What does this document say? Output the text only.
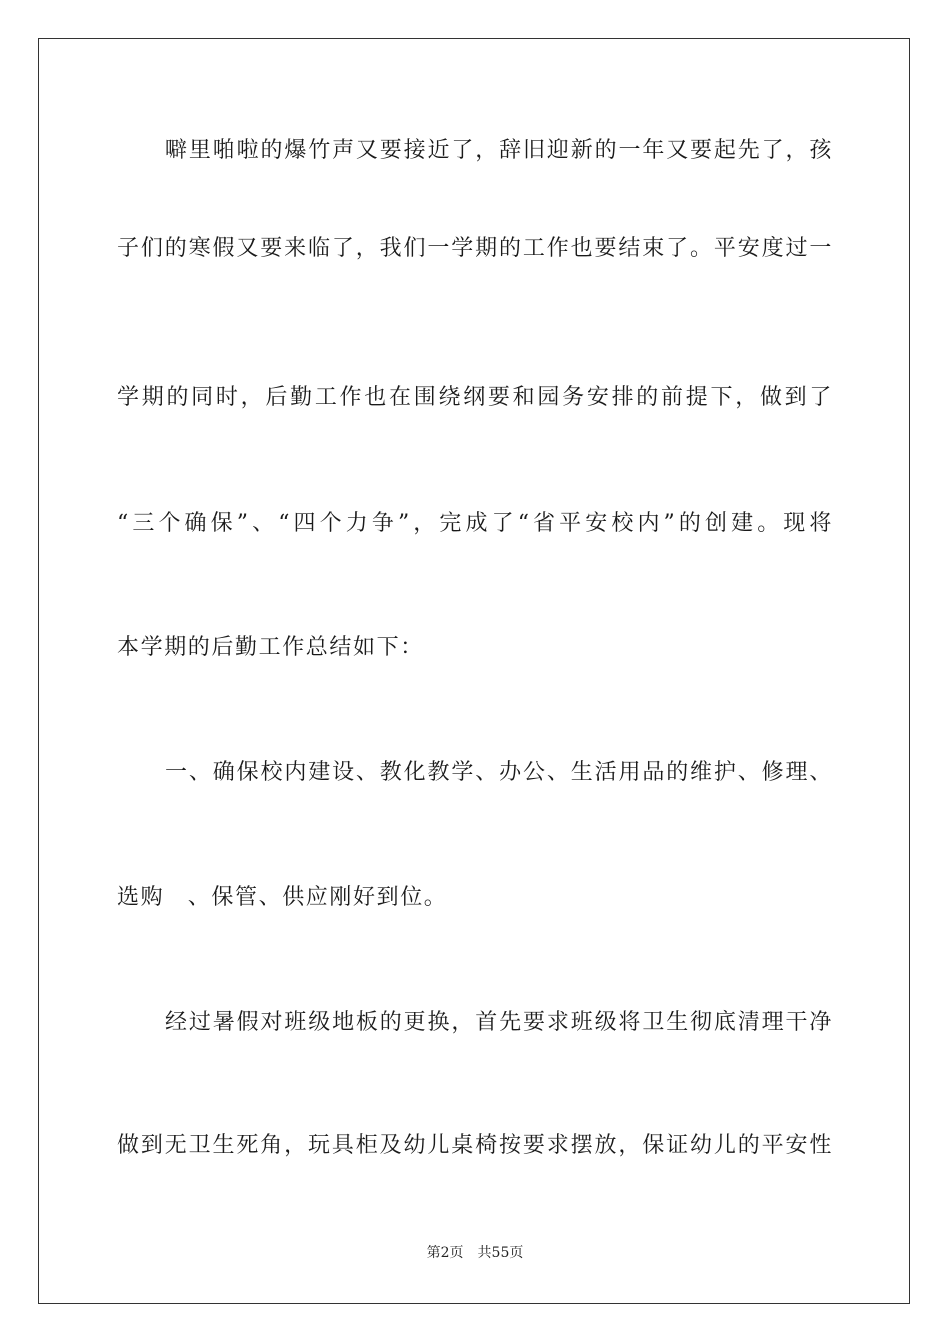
噼里啪啦的爆竹声又要接近了，辞旧迎新的一年又要起先了，孩
子们的寒假又要来临了，我们一学期的工作也要结束了。平安度过一
学期的同时，后勤工作也在围绕纲要和园务安排的前提下，做到了
“三个确保”、“四个力争”，完成了“省平安校内”的创建。现将
本学期的后勤工作总结如下：
一、确保校内建设、教化教学、办公、生活用品的维护、修理、
选购　、保管、供应刚好到位。
经过暑假对班级地板的更换，首先要求班级将卫生彻底清理干净
做到无卫生死角，玩具柜及幼儿桌椅按要求摆放，保证幼儿的平安性
第2页 共55页
